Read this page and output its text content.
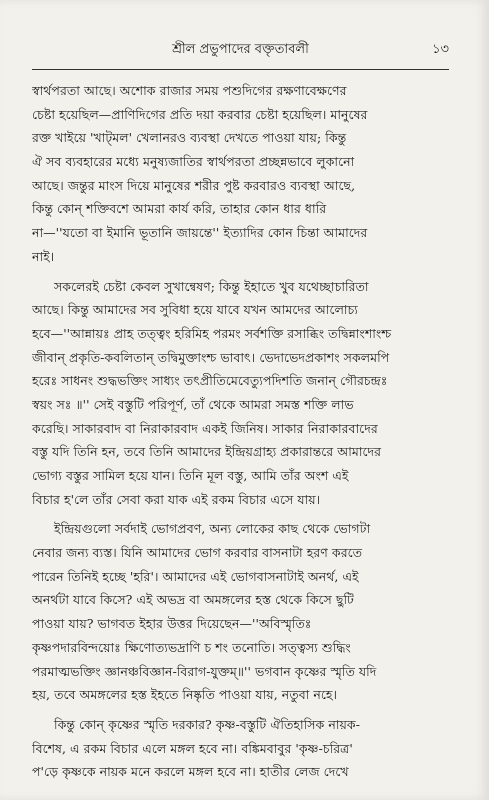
শ্রীল প্রভুপাদের বক্তৃতাবলী	১৩
স্বার্থপরতা আছে। অশোক রাজার সময় পশুদিগের রক্ষণাবেক্ষণের
চেষ্টা হয়েছিল—প্রাণিদিগের প্রতি দয়া করবার চেষ্টা হয়েছিল। মানুষের
রক্ত খাইয়ে 'খাট্‌মল' খেলানরও ব্যবস্থা দেখতে পাওয়া যায়; কিন্তু
ঐ সব ব্যবহারের মধ্যে মনুষ্যজাতির স্বার্থপরতা প্রচ্ছন্নভাবে লুকানো
আছে। জন্তুর মাংস দিয়ে মানুষের শরীর পুষ্ট করবারও ব্যবস্থা আছে,
কিন্তু কোন্ শক্তিবশে আমরা কার্য করি, তাহার কোন ধার ধারি
না—''যতো বা ইমানি ভূতানি জায়ন্তে'' ইত্যাদির কোন চিন্তা আমাদের
নাই।
সকলেরই চেষ্টা কেবল সুখান্বেষণ; কিন্তু ইহাতে খুব যথেচ্ছাচারিতা
আছে। কিন্তু আমাদের সব সুবিধা হয়ে যাবে যখন আমদের আলোচ্য
হবে—''আন্নায়ঃ প্রাহ তত্ত্বং হরিমিহ পরমং সর্বশক্তি রসাব্ধিং তদ্বিন্নাংশাংশ্চ
জীবান্ প্রকৃতি-কবলিতান্ তদ্বিমুক্তাংশ্চ ভাবাৎ। ভেদাভেদপ্রকাশং সকলমপি
হরেঃ সাধনং শুদ্ধভক্তিং সাধ্যং তৎপ্রীতিমেবেত্যুপদিশতি জনান্ গৌরচন্দ্রঃ
স্বয়ং সঃ ॥'' সেই বস্তুটি পরিপূর্ণ, তাঁ থেকে আমরা সমস্ত শক্তি লাভ
করেছি। সাকারবাদ বা নিরাকারবাদ একই জিনিষ। সাকার নিরাকারবাদের
বস্তু যদি তিনি হন, তবে তিনি আমাদের ইন্দ্রিয়গ্রাহ্য প্রকারান্তরে আমাদের
ভোগ্য বস্তুর সামিল হয়ে যান। তিনি মূল বস্তু, আমি তাঁর অংশ এই
বিচার হ'লে তাঁর সেবা করা যাক এই রকম বিচার এসে যায়।
ইন্দ্রিয়গুলো সর্বদাই ভোগপ্রবণ, অন্য লোকের কাছ থেকে ভোগটা
নেবার জন্য ব্যস্ত। যিনি আমাদের ভোগ করবার বাসনাটা হরণ করতে
পারেন তিনিই হচ্ছে 'হরি'। আমাদের এই ভোগবাসনাটাই অনর্থ, এই
অনর্থটা যাবে কিসে? এই অভদ্র বা অমঙ্গলের হস্ত থেকে কিসে ছুটি
পাওয়া যায়? ভাগবত ইহার উত্তর দিয়েছেন—''অবিস্মৃতিঃ
কৃষ্ণপদারবিন্দয়োঃ ক্ষিণোত্যভদ্রাণি চ শং তনোতি। সত্ত্বস্য শুদ্ধিং
পরমাত্মভক্তিং জ্ঞানঞ্চবিজ্ঞান-বিরাগ-যুক্তম্॥'' ভগবান কৃষ্ণের স্মৃতি যদি
হয়, তবে অমঙ্গলের হস্ত ইহতে নিষ্কৃতি পাওয়া যায়, নতুবা নহে।
কিন্তু কোন্ কৃষ্ণের স্মৃতি দরকার? কৃষ্ণ-বস্তুটি ঐতিহাসিক নায়ক-
বিশেষ, এ রকম বিচার এলে মঙ্গল হবে না। বঙ্কিমবাবুর 'কৃষ্ণ-চরিত্র'
প'ড়ে কৃষ্ণকে নায়ক মনে করলে মঙ্গল হবে না। হাতীর লেজ দেখে
